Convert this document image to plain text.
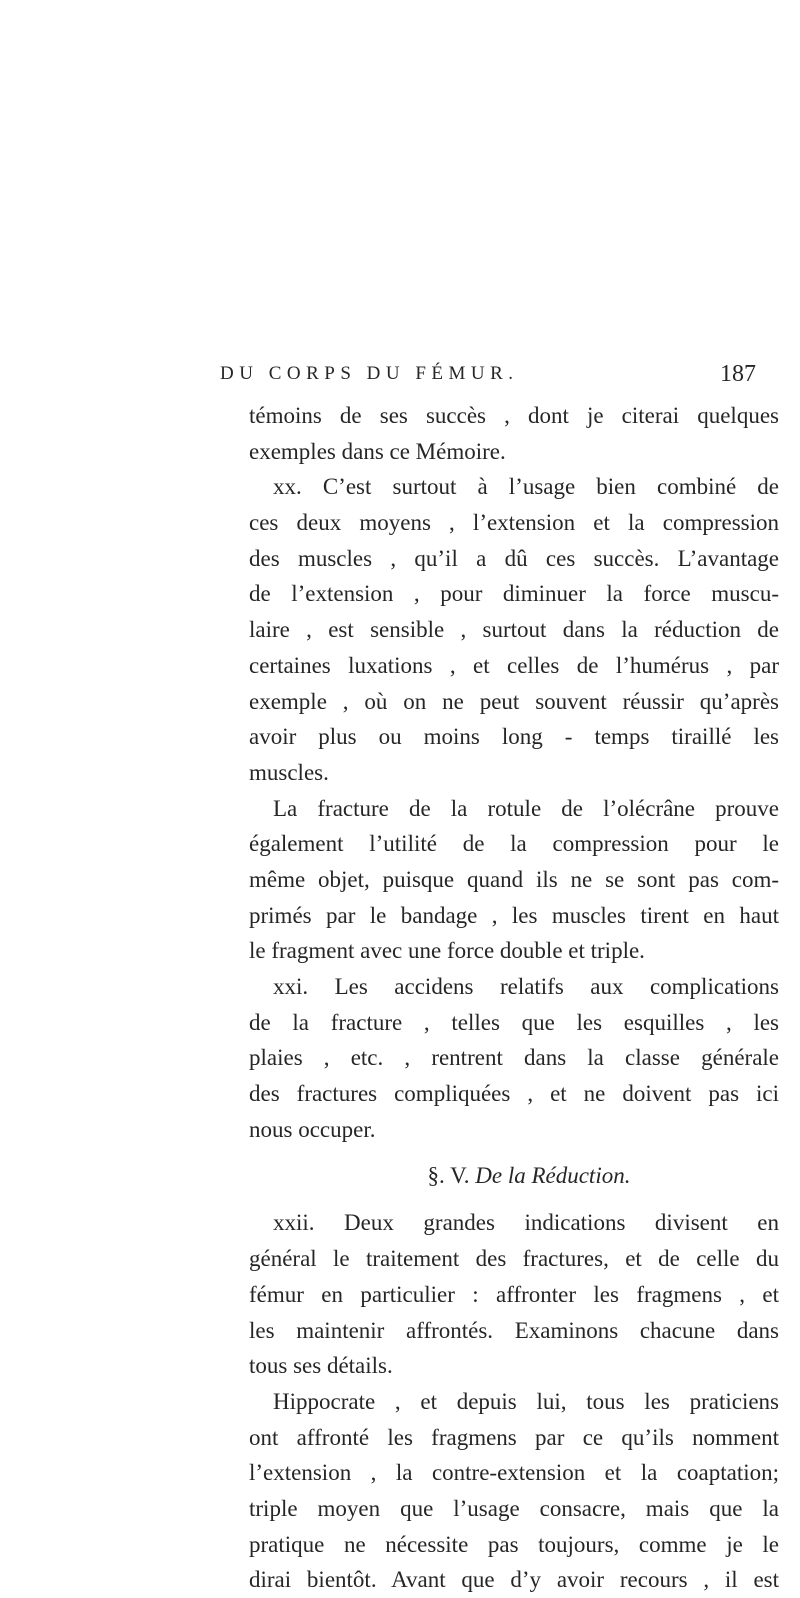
DU CORPS DU FÉMUR.	187
témoins de ses succès , dont je citerai quelques
exemples dans ce Mémoire.
xx. C’est surtout à l’usage bien combiné de
ces deux moyens , l’extension et la compression
des muscles , qu’il a dû ces succès. L’avantage
de l’extension , pour diminuer la force muscu-
laire , est sensible , surtout dans la réduction de
certaines luxations , et celles de l’humérus , par
exemple , où on ne peut souvent réussir qu’après
avoir plus ou moins long - temps tiraillé les
muscles.
La fracture de la rotule de l’olécrâne prouve
également l’utilité de la compression pour le
même objet, puisque quand ils ne se sont pas com-
primés par le bandage , les muscles tirent en haut
le fragment avec une force double et triple.
xxi. Les accidens relatifs aux complications
de la fracture , telles que les esquilles , les
plaies , etc. , rentrent dans la classe générale
des fractures compliquées , et ne doivent pas ici
nous occuper.
§. V. De la Réduction.
xxii. Deux grandes indications divisent en
général le traitement des fractures, et de celle du
fémur en particulier : affronter les fragmens , et
les maintenir affrontés. Examinons chacune dans
tous ses détails.
Hippocrate , et depuis lui, tous les praticiens
ont affronté les fragmens par ce qu’ils nomment
l’extension , la contre-extension et la coaptation;
triple moyen que l’usage consacre, mais que la
pratique ne nécessite pas toujours, comme je le
dirai bientôt. Avant que d’y avoir recours , il est
